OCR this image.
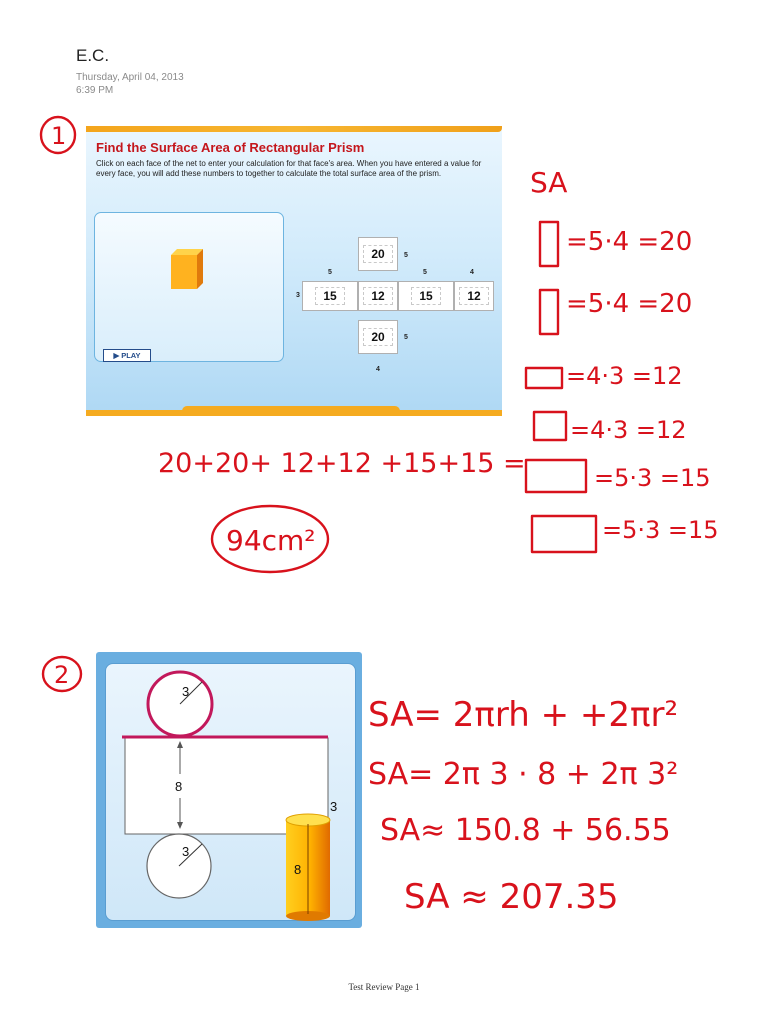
E.C.
Thursday, April 04, 2013
6:39 PM
1 Find the Surface Area of Rectangular Prism
Click on each face of the net to enter your calculation for that face's area. When you have entered a value for every face, you will add these numbers to together to calculate the total surface area of the prism.
▶ PLAY
20
15	12	15	12
20
5
5	5	4
3
5
4
SA
=5·4 =20
=5·4 =20
=4·3 =12
=4·3 =12
=5·3 =15
=5·3 =15
20+20+ 12+12 +15+15 =
94cm²
2
3
8
3
3
8
SA= 2πrh + +2πr²
SA= 2π 3 · 8 + 2π 3²
SA≈ 150.8 + 56.55
SA ≈ 207.35
Test Review Page 1
